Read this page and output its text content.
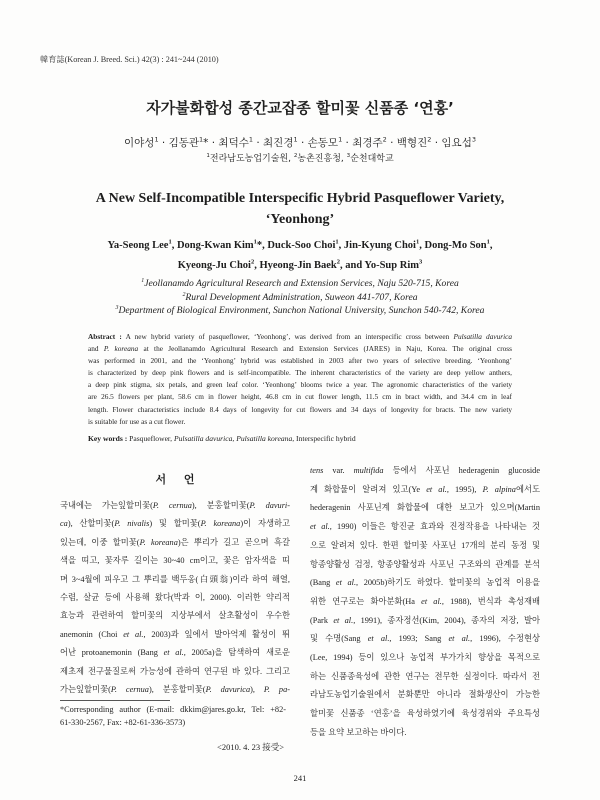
韓育誌(Korean J. Breed. Sci.) 42(3) : 241~244 (2010)
자가불화합성 종간교잡종 할미꽃 신품종 ‘연홍’
이야성$^1$ · 김동관$^1$* · 최덕수$^1$ · 최진경$^1$ · 손동모$^1$ · 최경주$^2$ · 백형진$^2$ · 임요섭$^3$
$^1$전라남도농업기술원, $^2$농촌진흥청, $^3$순천대학교
A New Self-Incompatible Interspecific Hybrid Pasqueflower Variety,
‘Yeonhong’
Ya-Seong Lee$^1$, Dong-Kwan Kim$^1$*, Duck-Soo Choi$^1$, Jin-Kyung Choi$^1$, Dong-Mo Son$^1$,
Kyeong-Ju Choi$^2$, Hyeong-Jin Baek$^2$, and Yo-Sup Rim$^3$
$^1$Jeollanamdo Agricultural Research and Extension Services, Naju 520-715, Korea
$^2$Rural Development Administration, Suweon 441-707, Korea
$^3$Department of Biological Environment, Sunchon National University, Sunchon 540-742, Korea
Abstract : A new hybrid variety of pasqueflower, ‘Yeonhong’, was derived from an interspecific cross between Pulsatilla davurica
and P. koreana at the Jeollanamdo Agricultural Research and Extension Services (JARES) in Naju, Korea. The original cross
was performed in 2001, and the ‘Yeonhong’ hybrid was established in 2003 after two years of selective breeding. ‘Yeonhong’
is characterized by deep pink flowers and is self-incompatible. The inherent characteristics of the variety are deep yellow anthers,
a deep pink stigma, six petals, and green leaf color. ‘Yeonhong’ blooms twice a year. The agronomic characteristics of the variety
are 26.5 flowers per plant, 58.6 cm in flower height, 46.8 cm in cut flower length, 11.5 cm in bract width, and 34.4 cm in leaf
length. Flower characteristics include 8.4 days of longevity for cut flowers and 34 days of longevity for bracts. The new variety
is suitable for use as a cut flower.
Key words : Pasqueflower, Pulsatilla davurica, Pulsatilla koreana, Interspecific hybrid
서 언
국내에는 가는잎할미꽃(P. cernua), 분홍할미꽃(P. davuri-
ca), 산할미꽃(P. nivalis) 및 할미꽃(P. koreana)이 자생하고
있는데, 이중 할미꽃(P. koreana)은 뿌리가 길고 곧으며 흑갈
색을 띠고, 꽃자루 길이는 30~40 cm이고, 꽃은 암자색을 띠
며 3~4월에 피우고 그 뿌리를 백두옹(白頭翁)이라 하여 해열,
수렴, 살균 등에 사용해 왔다(박과 이, 2000). 이러한 약리적
효능과 관련하여 할미꽃의 지상부에서 살초활성이 우수한
anemonin (Choi et al., 2003)과 잎에서 발아억제 활성이 뛰
어난 protoanemonin (Bang et al., 2005a)을 탐색하여 새로운
제초제 전구물질로써 가능성에 관하여 연구된 바 있다. 그리고
가는잎할미꽃(P. cernua), 분홍할미꽃(P. davurica), P. pa-
tens var. multifida 등에서 사포닌 hederagenin glucoside
계 화합물이 알려져 있고(Ye et al., 1995), P. alpina에서도
hederagenin 사포닌계 화합물에 대한 보고가 있으며(Martin
et al., 1990) 이들은 항진균 효과와 진정작용을 나타내는 것
으로 알려져 있다. 한편 할미꽃 사포닌 17개의 분리 동정 및
항종양활성 검정, 항종양활성과 사포닌 구조와의 관계를 분석
(Bang et al., 2005b)하기도 하였다. 할미꽃의 농업적 이용을
위한 연구로는 화아분화(Ha et al., 1988), 번식과 촉성재배
(Park et al., 1991), 종자정선(Kim, 2004), 종자의 저장, 발아
및 수명(Sang et al., 1993; Sang et al., 1996), 수정현상
(Lee, 1994) 등이 있으나 농업적 부가가치 향상을 목적으로
하는 신품종육성에 관한 연구는 전무한 실정이다. 따라서 전
라남도농업기술원에서 분화뿐만 아니라 절화생산이 가능한
할미꽃 신품종 ‘연홍’을 육성하였기에 육성경위와 주요특성
등을 요약 보고하는 바이다.
*Corresponding author (E-mail: dkkim@jares.go.kr, Tel: +82-
61-330-2567, Fax: +82-61-336-3573)
<2010. 4. 23 接受>
241
